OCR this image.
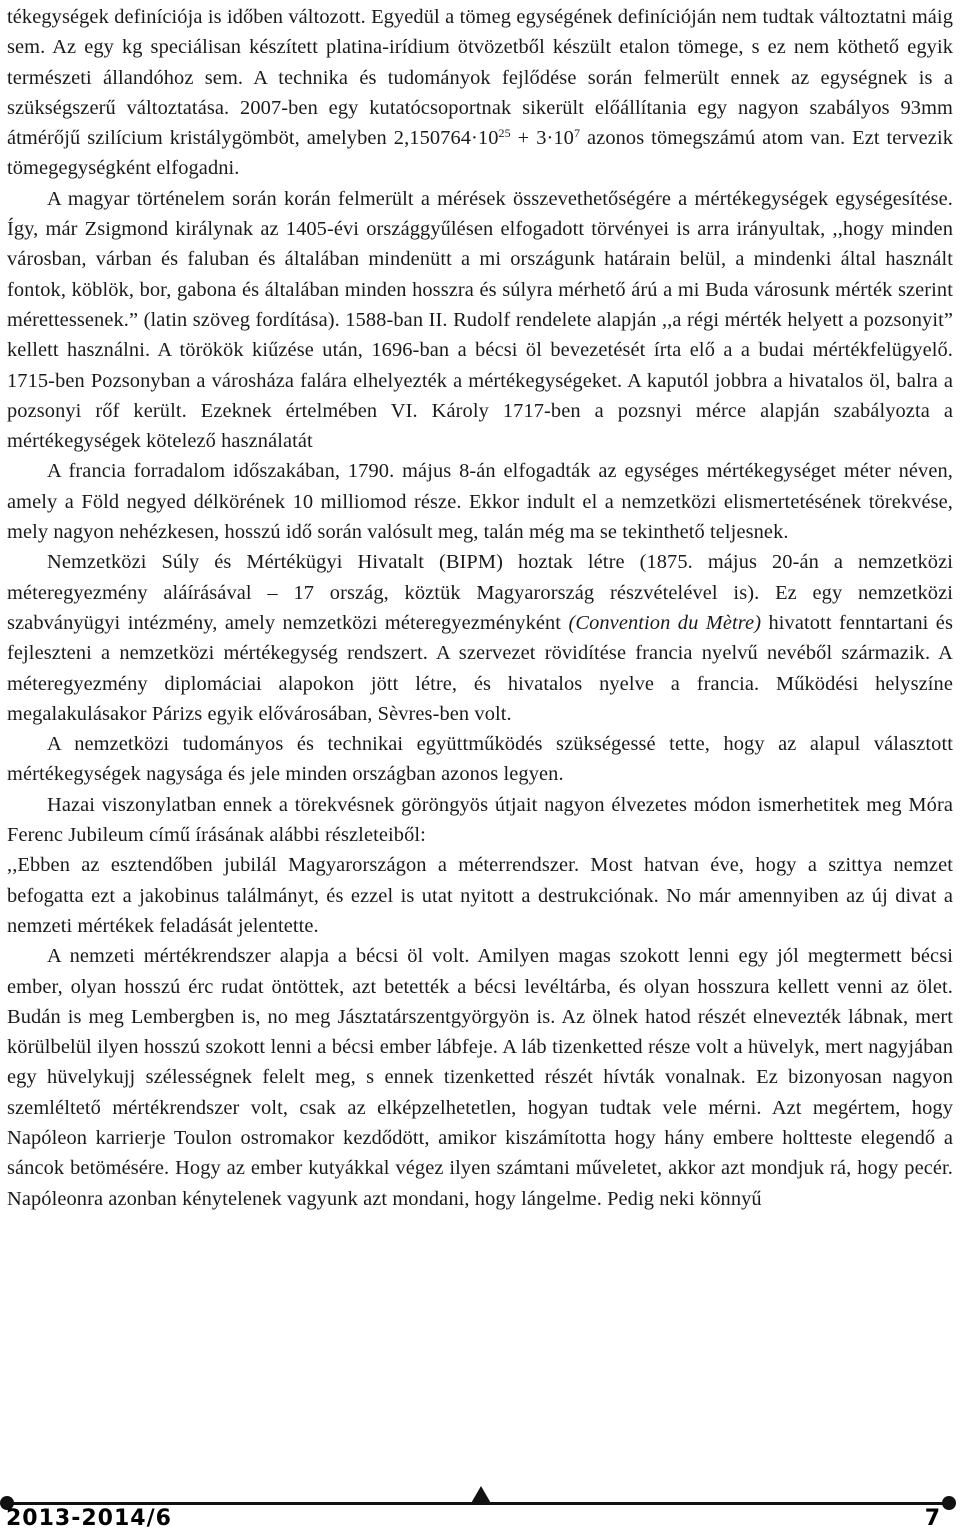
tékegységek definíciója is időben változott. Egyedül a tömeg egységének definícióján nem tudtak változtatni máig sem. Az egy kg speciálisan készített platina-irídium ötvözetből készült etalon tömege, s ez nem köthető egyik természeti állandóhoz sem. A technika és tudományok fejlődése során felmerült ennek az egységnek is a szükségszerű változtatása. 2007-ben egy kutatócsoportnak sikerült előállítania egy nagyon szabályos 93mm átmérőjű szilícium kristálygömböt, amelyben $2,150764\cdot 10^{25} + 3\cdot 10^7$ azonos tömegszámú atom van. Ezt tervezik tömegegységként elfogadni.

A magyar történelem során korán felmerült a mérések összevethetőségére a mértékegységek egységesítése. Így, már Zsigmond királynak az 1405-évi országgyűlésen elfogadott törvényei is arra irányultak, ,,hogy minden városban, várban és faluban és általában mindenütt a mi országunk határain belül, a mindenki által használt fontok, köblök, bor, gabona és általában minden hosszra és súlyra mérhető árú a mi Buda városunk mérték szerint mérettessenek.” (latin szöveg fordítása). 1588-ban II. Rudolf rendelete alapján ,,a régi mérték helyett a pozsonyit” kellett használni. A törökök kiűzése után, 1696-ban a bécsi öl bevezetését írta elő a a budai mértékfelügyelő. 1715-ben Pozsonyban a városháza falára elhelyezték a mértékegységeket. A kaputól jobbra a hivatalos öl, balra a pozsonyi rőf került. Ezeknek értelmében VI. Károly 1717-ben a pozsnyi mérce alapján szabályozta a mértékegységek kötelező használatát

A francia forradalom időszakában, 1790. május 8-án elfogadták az egységes mértékegységet méter néven, amely a Föld negyed délkörének 10 milliomod része. Ekkor indult el a nemzetközi elismertetésének törekvése, mely nagyon nehézkesen, hosszú idő során valósult meg, talán még ma se tekinthető teljesnek.

Nemzetközi Súly és Mértékügyi Hivatalt (BIPM) hoztak létre (1875. május 20-án a nemzetközi méteregyezmény aláírásával – 17 ország, köztük Magyarország részvételével is). Ez egy nemzetközi szabványügyi intézmény, amely nemzetközi méteregyezményként (Convention du Mètre) hivatott fenntartani és fejleszteni a nemzetközi mértékegység rendszert. A szervezet rövidítése francia nyelvű nevéből származik. A méteregyezmény diplomáciai alapokon jött létre, és hivatalos nyelve a francia. Működési helyszíne megalakulásakor Párizs egyik elővárosában, Sèvres-ben volt.

A nemzetközi tudományos és technikai együttműködés szükségessé tette, hogy az alapul választott mértékegységek nagysága és jele minden országban azonos legyen.

Hazai viszonylatban ennek a törekvésnek göröngyös útjait nagyon élvezetes módon ismerhetitek meg Móra Ferenc Jubileum című írásának alábbi részleteiből:

,,Ebben az esztendőben jubilál Magyarországon a méterrendszer. Most hatvan éve, hogy a szittya nemzet befogatta ezt a jakobinus találmányt, és ezzel is utat nyitott a destrukciónak. No már amennyiben az új divat a nemzeti mértékek feladását jelentette.

A nemzeti mértékrendszer alapja a bécsi öl volt. Amilyen magas szokott lenni egy jól megtermett bécsi ember, olyan hosszú érc rudat öntöttek, azt betették a bécsi levéltárba, és olyan hosszura kellett venni az ölet. Budán is meg Lembergben is, no meg Jásztatárszentgyörgyön is. Az ölnek hatod részét elnevezték lábnak, mert körülbelül ilyen hosszú szokott lenni a bécsi ember lábfeje. A láb tizenketted része volt a hüvelyk, mert nagyjában egy hüvelykujj szélességnek felelt meg, s ennek tizenketted részét hívták vonalnak. Ez bizonyosan nagyon szemléltető mértékrendszer volt, csak az elképzelhetetlen, hogyan tudtak vele mérni. Azt megértem, hogy Napóleon karrierje Toulon ostromakor kezdődött, amikor kiszámította hogy hány embere holtteste elegendő a sáncok betömésére. Hogy az ember kutyákkal végez ilyen számtani műveletet, akkor azt mondjuk rá, hogy pecér. Napóleonra azonban kénytelenek vagyunk azt mondani, hogy lángelme. Pedig neki könnyű

2013-2014/6	7
